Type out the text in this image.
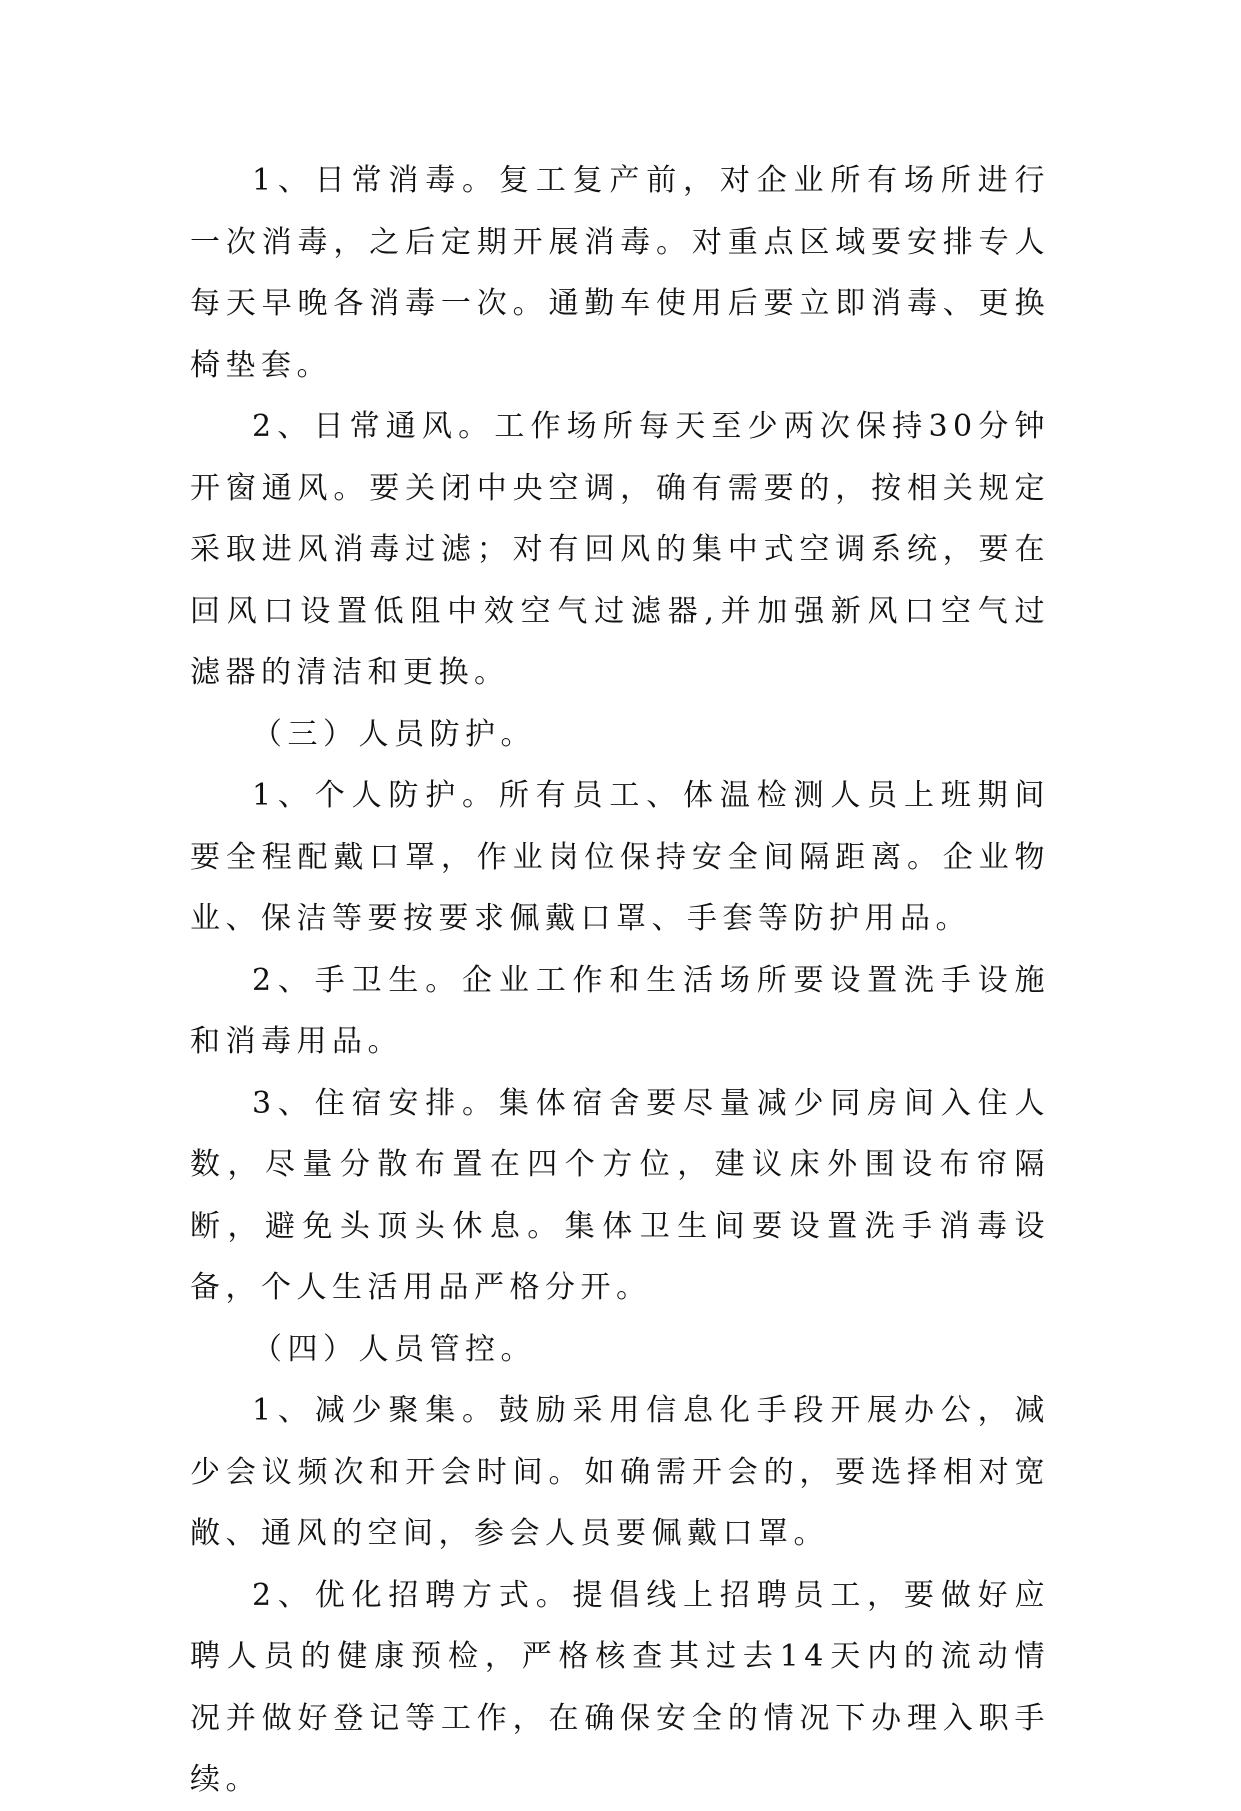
1、日常消毒。复工复产前，对企业所有场所进行一次消毒，之后定期开展消毒。对重点区域要安排专人每天早晚各消毒一次。通勤车使用后要立即消毒、更换椅垫套。

2、日常通风。工作场所每天至少两次保持30分钟开窗通风。要关闭中央空调，确有需要的，按相关规定采取进风消毒过滤；对有回风的集中式空调系统，要在回风口设置低阻中效空气过滤器,并加强新风口空气过滤器的清洁和更换。

（三）人员防护。

1、个人防护。所有员工、体温检测人员上班期间要全程配戴口罩，作业岗位保持安全间隔距离。企业物业、保洁等要按要求佩戴口罩、手套等防护用品。

2、手卫生。企业工作和生活场所要设置洗手设施和消毒用品。

3、住宿安排。集体宿舍要尽量减少同房间入住人数，尽量分散布置在四个方位，建议床外围设布帘隔断，避免头顶头休息。集体卫生间要设置洗手消毒设备，个人生活用品严格分开。

（四）人员管控。

1、减少聚集。鼓励采用信息化手段开展办公，减少会议频次和开会时间。如确需开会的，要选择相对宽敞、通风的空间，参会人员要佩戴口罩。

2、优化招聘方式。提倡线上招聘员工，要做好应聘人员的健康预检，严格核查其过去14天内的流动情况并做好登记等工作，在确保安全的情况下办理入职手续。
